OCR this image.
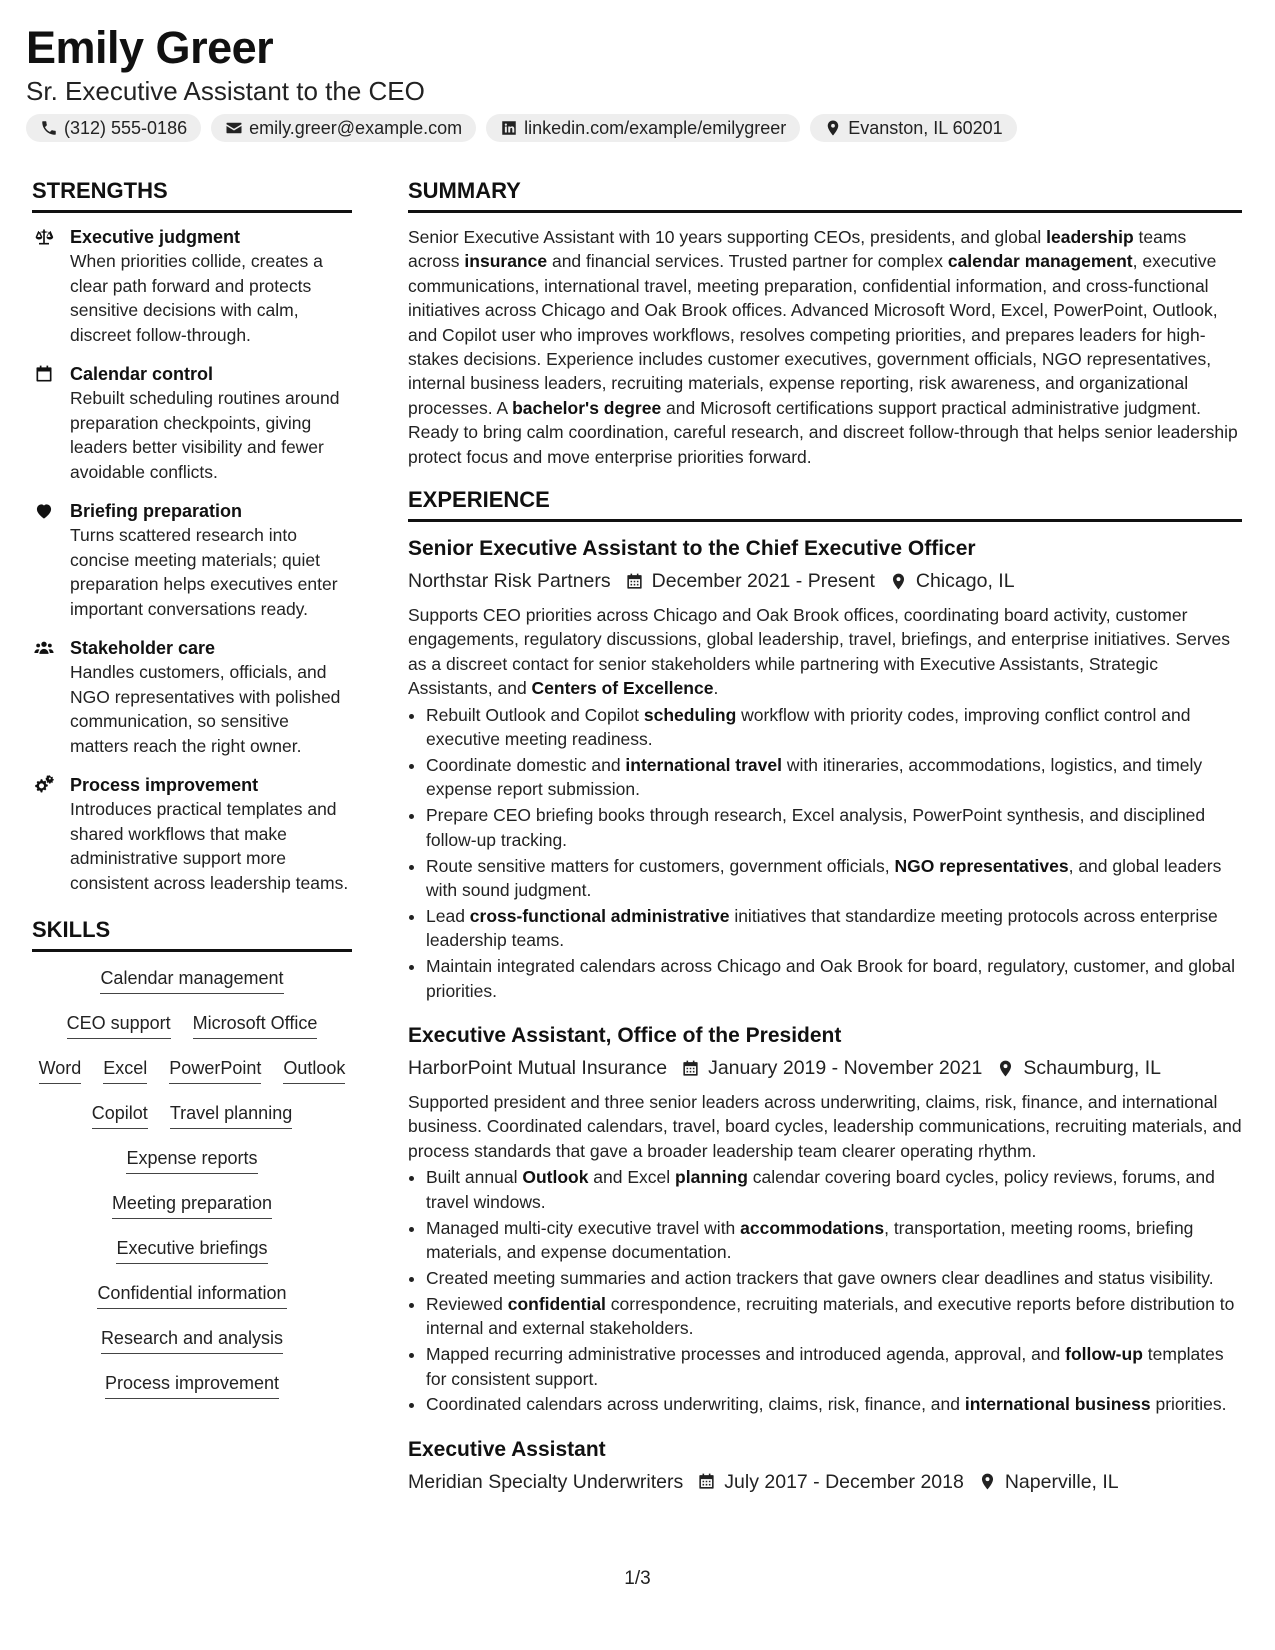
Emily Greer
Sr. Executive Assistant to the CEO
(312) 555-0186	emily.greer@example.com	linkedin.com/example/emilygreer	Evanston, IL 60201
STRENGTHS
Executive judgment
When priorities collide, creates a clear path forward and protects sensitive decisions with calm, discreet follow-through.
Calendar control
Rebuilt scheduling routines around preparation checkpoints, giving leaders better visibility and fewer avoidable conflicts.
Briefing preparation
Turns scattered research into concise meeting materials; quiet preparation helps executives enter important conversations ready.
Stakeholder care
Handles customers, officials, and NGO representatives with polished communication, so sensitive matters reach the right owner.
Process improvement
Introduces practical templates and shared workflows that make administrative support more consistent across leadership teams.
SKILLS
Calendar management
CEO support Microsoft Office
Word Excel PowerPoint Outlook
Copilot Travel planning
Expense reports
Meeting preparation
Executive briefings
Confidential information
Research and analysis
Process improvement
SUMMARY
Senior Executive Assistant with 10 years supporting CEOs, presidents, and global leadership teams across insurance and financial services. Trusted partner for complex calendar management, executive communications, international travel, meeting preparation, confidential information, and cross-functional initiatives across Chicago and Oak Brook offices. Advanced Microsoft Word, Excel, PowerPoint, Outlook, and Copilot user who improves workflows, resolves competing priorities, and prepares leaders for high-stakes decisions. Experience includes customer executives, government officials, NGO representatives, internal business leaders, recruiting materials, expense reporting, risk awareness, and organizational processes. A bachelor's degree and Microsoft certifications support practical administrative judgment. Ready to bring calm coordination, careful research, and discreet follow-through that helps senior leadership protect focus and move enterprise priorities forward.
EXPERIENCE
Senior Executive Assistant to the Chief Executive Officer
Northstar Risk Partners December 2021 - Present Chicago, IL
Supports CEO priorities across Chicago and Oak Brook offices, coordinating board activity, customer engagements, regulatory discussions, global leadership, travel, briefings, and enterprise initiatives. Serves as a discreet contact for senior stakeholders while partnering with Executive Assistants, Strategic Assistants, and Centers of Excellence.
• Rebuilt Outlook and Copilot scheduling workflow with priority codes, improving conflict control and executive meeting readiness.
• Coordinate domestic and international travel with itineraries, accommodations, logistics, and timely expense report submission.
• Prepare CEO briefing books through research, Excel analysis, PowerPoint synthesis, and disciplined follow-up tracking.
• Route sensitive matters for customers, government officials, NGO representatives, and global leaders with sound judgment.
• Lead cross-functional administrative initiatives that standardize meeting protocols across enterprise leadership teams.
• Maintain integrated calendars across Chicago and Oak Brook for board, regulatory, customer, and global priorities.
Executive Assistant, Office of the President
HarborPoint Mutual Insurance January 2019 - November 2021 Schaumburg, IL
Supported president and three senior leaders across underwriting, claims, risk, finance, and international business. Coordinated calendars, travel, board cycles, leadership communications, recruiting materials, and process standards that gave a broader leadership team clearer operating rhythm.
• Built annual Outlook and Excel planning calendar covering board cycles, policy reviews, forums, and travel windows.
• Managed multi-city executive travel with accommodations, transportation, meeting rooms, briefing materials, and expense documentation.
• Created meeting summaries and action trackers that gave owners clear deadlines and status visibility.
• Reviewed confidential correspondence, recruiting materials, and executive reports before distribution to internal and external stakeholders.
• Mapped recurring administrative processes and introduced agenda, approval, and follow-up templates for consistent support.
• Coordinated calendars across underwriting, claims, risk, finance, and international business priorities.
Executive Assistant
Meridian Specialty Underwriters July 2017 - December 2018 Naperville, IL
1/3
